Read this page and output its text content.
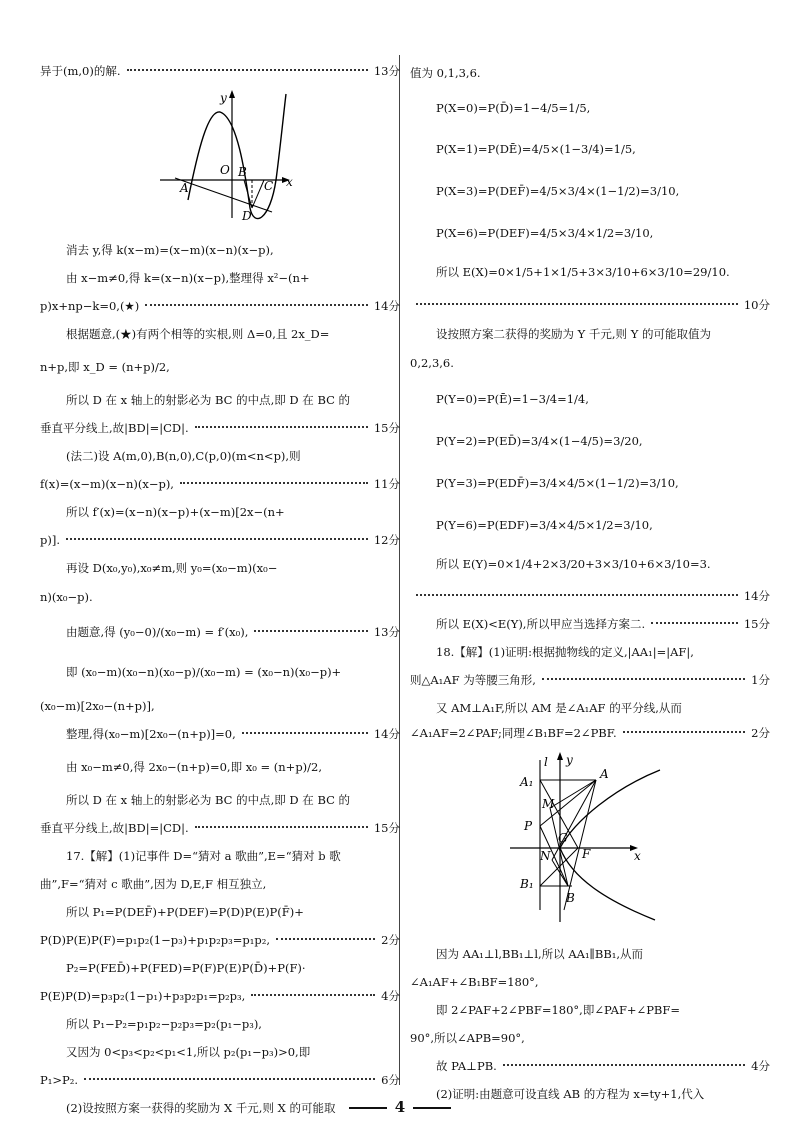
异于(m,0)的解.	13分
y
O
A
B
C
D
x
消去 y,得 k(x−m)=(x−m)(x−n)(x−p),
由 x−m≠0,得 k=(x−n)(x−p),整理得 x²−(n+
p)x+np−k=0,(★)	14分
根据题意,(★)有两个相等的实根,则 Δ=0,且 2x_D=
n+p,即 x_D = (n+p)/2,
所以 D 在 x 轴上的射影必为 BC 的中点,即 D 在 BC 的
垂直平分线上,故|BD|=|CD|.	15分
(法二)设 A(m,0),B(n,0),C(p,0)(m<n<p),则
f(x)=(x−m)(x−n)(x−p),	11分
所以 f′(x)=(x−n)(x−p)+(x−m)[2x−(n+
p)].	12分
再设 D(x₀,y₀),x₀≠m,则 y₀=(x₀−m)(x₀−
n)(x₀−p).
由题意,得 (y₀−0)/(x₀−m) = f′(x₀),	13分
即 (x₀−m)(x₀−n)(x₀−p)/(x₀−m) = (x₀−n)(x₀−p)+
(x₀−m)[2x₀−(n+p)],
整理,得(x₀−m)[2x₀−(n+p)]=0,	14分
由 x₀−m≠0,得 2x₀−(n+p)=0,即 x₀ = (n+p)/2,
所以 D 在 x 轴上的射影必为 BC 的中点,即 D 在 BC 的
垂直平分线上,故|BD|=|CD|.	15分
17.【解】(1)记事件 D=“猜对 a 歌曲”,E=“猜对 b 歌
曲”,F=“猜对 c 歌曲”,因为 D,E,F 相互独立,
所以 P₁=P(DEF̄)+P(DEF)=P(D)P(E)P(F̄)+
P(D)P(E)P(F)=p₁p₂(1−p₃)+p₁p₂p₃=p₁p₂,	2分
P₂=P(FED̄)+P(FED)=P(F)P(E)P(D̄)+P(F)·
P(E)P(D)=p₃p₂(1−p₁)+p₃p₂p₁=p₂p₃,	4分
所以 P₁−P₂=p₁p₂−p₂p₃=p₂(p₁−p₃),
又因为 0<p₃<p₂<p₁<1,所以 p₂(p₁−p₃)>0,即
P₁>P₂.	6分
(2)设按照方案一获得的奖励为 X 千元,则 X 的可能取
值为 0,1,3,6.
P(X=0)=P(D̄)=1−4/5=1/5,
P(X=1)=P(DĒ)=4/5×(1−3/4)=1/5,
P(X=3)=P(DEF̄)=4/5×3/4×(1−1/2)=3/10,
P(X=6)=P(DEF)=4/5×3/4×1/2=3/10,
所以 E(X)=0×1/5+1×1/5+3×3/10+6×3/10=29/10.
10分
设按照方案二获得的奖励为 Y 千元,则 Y 的可能取值为
0,2,3,6.
P(Y=0)=P(Ē)=1−3/4=1/4,
P(Y=2)=P(ED̄)=3/4×(1−4/5)=3/20,
P(Y=3)=P(EDF̄)=3/4×4/5×(1−1/2)=3/10,
P(Y=6)=P(EDF)=3/4×4/5×1/2=3/10,
所以 E(Y)=0×1/4+2×3/20+3×3/10+6×3/10=3.
14分
所以 E(X)<E(Y),所以甲应当选择方案二.	15分
18.【解】(1)证明:根据抛物线的定义,|AA₁|=|AF|,
则△A₁AF 为等腰三角形,	1分
又 AM⊥A₁F,所以 AM 是∠A₁AF 的平分线,从而
∠A₁AF=2∠PAF;同理∠B₁BF=2∠PBF.	2分
y
l
A
A₁
M
P
G
N	F
B₁
B
x
因为 AA₁⊥l,BB₁⊥l,所以 AA₁∥BB₁,从而
∠A₁AF+∠B₁BF=180°,
即 2∠PAF+2∠PBF=180°,即∠PAF+∠PBF=
90°,所以∠APB=90°,
故 PA⊥PB.	4分
(2)证明:由题意可设直线 AB 的方程为 x=ty+1,代入
4
